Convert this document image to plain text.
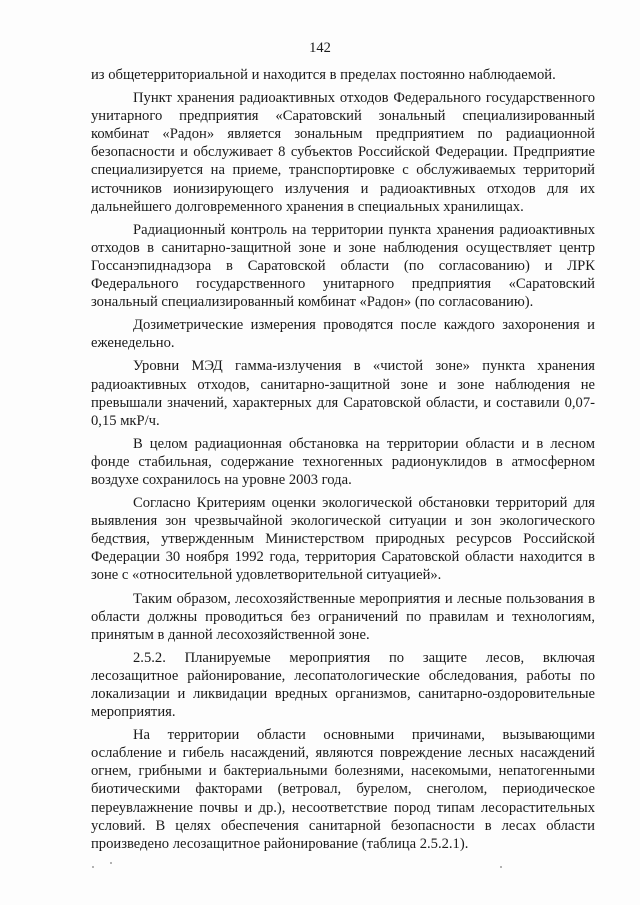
142

из общетерриториальной и находится в пределах постоянно наблюдаемой.

Пункт хранения радиоактивных отходов Федерального государственного унитарного предприятия «Саратовский зональный специализированный комбинат «Радон» является зональным предприятием по радиационной безопасности и обслуживает 8 субъектов Российской Федерации. Предприятие специализируется на приеме, транспортировке с обслуживаемых территорий источников ионизирующего излучения и радиоактивных отходов для их дальнейшего долговременного хранения в специальных хранилищах.

Радиационный контроль на территории пункта хранения радиоактивных отходов в санитарно-защитной зоне и зоне наблюдения осуществляет центр Госсанэпиднадзора в Саратовской области (по согласованию) и ЛРК Федерального государственного унитарного предприятия «Саратовский зональный специализированный комбинат «Радон» (по согласованию).

Дозиметрические измерения проводятся после каждого захоронения и еженедельно.

Уровни МЭД гамма-излучения в «чистой зоне» пункта хранения радиоактивных отходов, санитарно-защитной зоне и зоне наблюдения не превышали значений, характерных для Саратовской области, и составили 0,07-0,15 мкР/ч.

В целом радиационная обстановка на территории области и в лесном фонде стабильная, содержание техногенных радионуклидов в атмосферном воздухе сохранилось на уровне 2003 года.

Согласно Критериям оценки экологической обстановки территорий для выявления зон чрезвычайной экологической ситуации и зон экологического бедствия, утвержденным Министерством природных ресурсов Российской Федерации 30 ноября 1992 года, территория Саратовской области находится в зоне с «относительной удовлетворительной ситуацией».

Таким образом, лесохозяйственные мероприятия и лесные пользования в области должны проводиться без ограничений по правилам и технологиям, принятым в данной лесохозяйственной зоне.

2.5.2. Планируемые мероприятия по защите лесов, включая лесозащитное районирование, лесопатологические обследования, работы по локализации и ликвидации вредных организмов, санитарно-оздоровительные мероприятия.

На территории области основными причинами, вызывающими ослабление и гибель насаждений, являются повреждение лесных насаждений огнем, грибными и бактериальными болезнями, насекомыми, непатогенными биотическими факторами (ветровал, бурелом, снеголом, периодическое переувлажнение почвы и др.), несоответствие пород типам лесорастительных условий. В целях обеспечения санитарной безопасности в лесах области произведено лесозащитное районирование (таблица 2.5.2.1).
